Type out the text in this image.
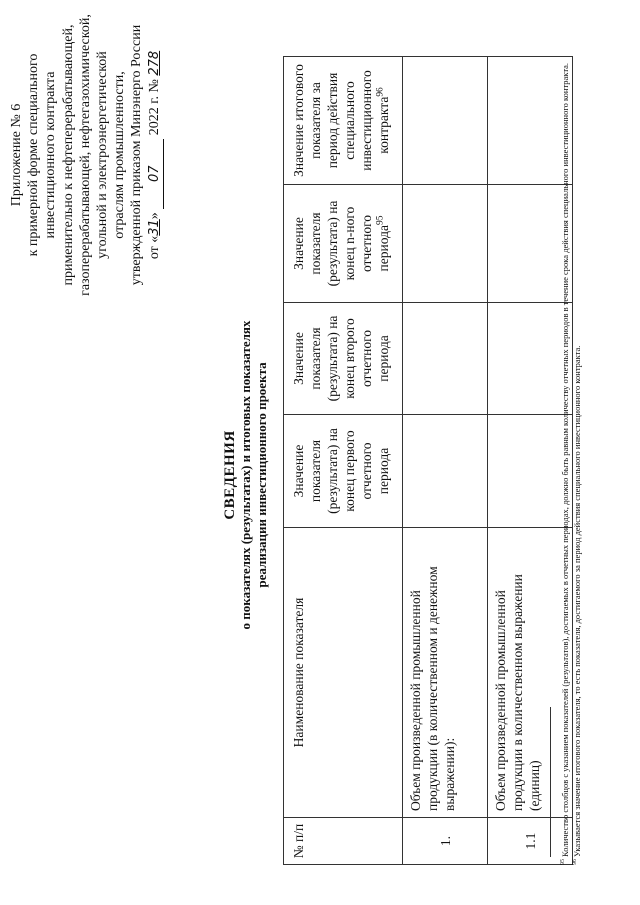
Приложение № 6 к примерной форме специального инвестиционного контракта применительно к нефтеперерабатывающей, газоперерабатывающей, нефтегазохимической, угольной и электроэнергетической отраслям промышленности, утвержденной приказом Минэнерго России от «31» 07 2022 г. № 278
СВЕДЕНИЯ о показателях (результатах) и итоговых показателях реализации инвестиционного проекта
№ п/п	Наименование показателя	Значение показателя (результата) на конец первого отчетного периода	Значение показателя (результата) на конец второго отчетного периода	Значение показателя (результата) на конец n-ного отчетного периода$^{95}$	Значение итогового показателя за период действия специального инвестиционного контракта$^{96}$

1.	Объем произведенной промышленной продукции (в количественном и денежном выражении):				
1.1	Объем произведенной промышленной продукции в количественном выражении (единиц)				

$^{95}$ Количество столбцов с указанием показателей (результатов), достигаемых в отчетных периодах, должно быть равным количеству отчетных периодов в течение срока действия специального инвестиционного контракта.

$^{96}$ Указывается значение итогового показателя, то есть показателя, достигаемого за период действия специального инвестиционного контракта.
